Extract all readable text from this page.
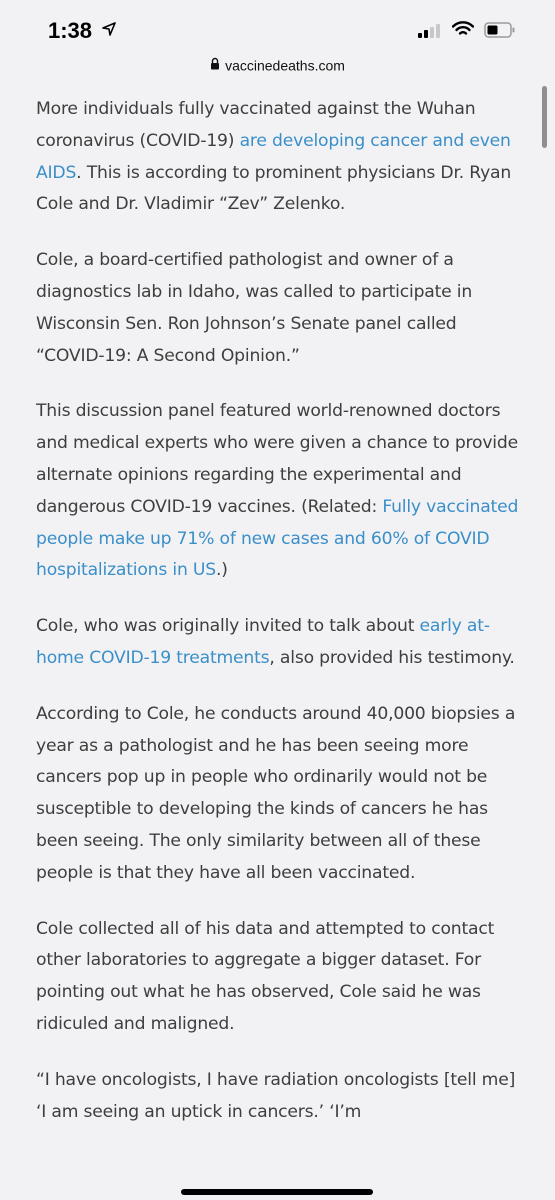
1:38
vaccinedeaths.com

More individuals fully vaccinated against the Wuhan coronavirus (COVID-19) are developing cancer and even AIDS. This is according to prominent physicians Dr. Ryan Cole and Dr. Vladimir “Zev” Zelenko.

Cole, a board-certified pathologist and owner of a diagnostics lab in Idaho, was called to participate in Wisconsin Sen. Ron Johnson’s Senate panel called “COVID-19: A Second Opinion.”

This discussion panel featured world-renowned doctors and medical experts who were given a chance to provide alternate opinions regarding the experimental and dangerous COVID-19 vaccines. (Related: Fully vaccinated people make up 71% of new cases and 60% of COVID hospitalizations in US.)

Cole, who was originally invited to talk about early at-home COVID-19 treatments, also provided his testimony.

According to Cole, he conducts around 40,000 biopsies a year as a pathologist and he has been seeing more cancers pop up in people who ordinarily would not be susceptible to developing the kinds of cancers he has been seeing. The only similarity between all of these people is that they have all been vaccinated.

Cole collected all of his data and attempted to contact other laboratories to aggregate a bigger dataset. For pointing out what he has observed, Cole said he was ridiculed and maligned.

“I have oncologists, I have radiation oncologists [tell me] ‘I am seeing an uptick in cancers.’ ‘I’m
